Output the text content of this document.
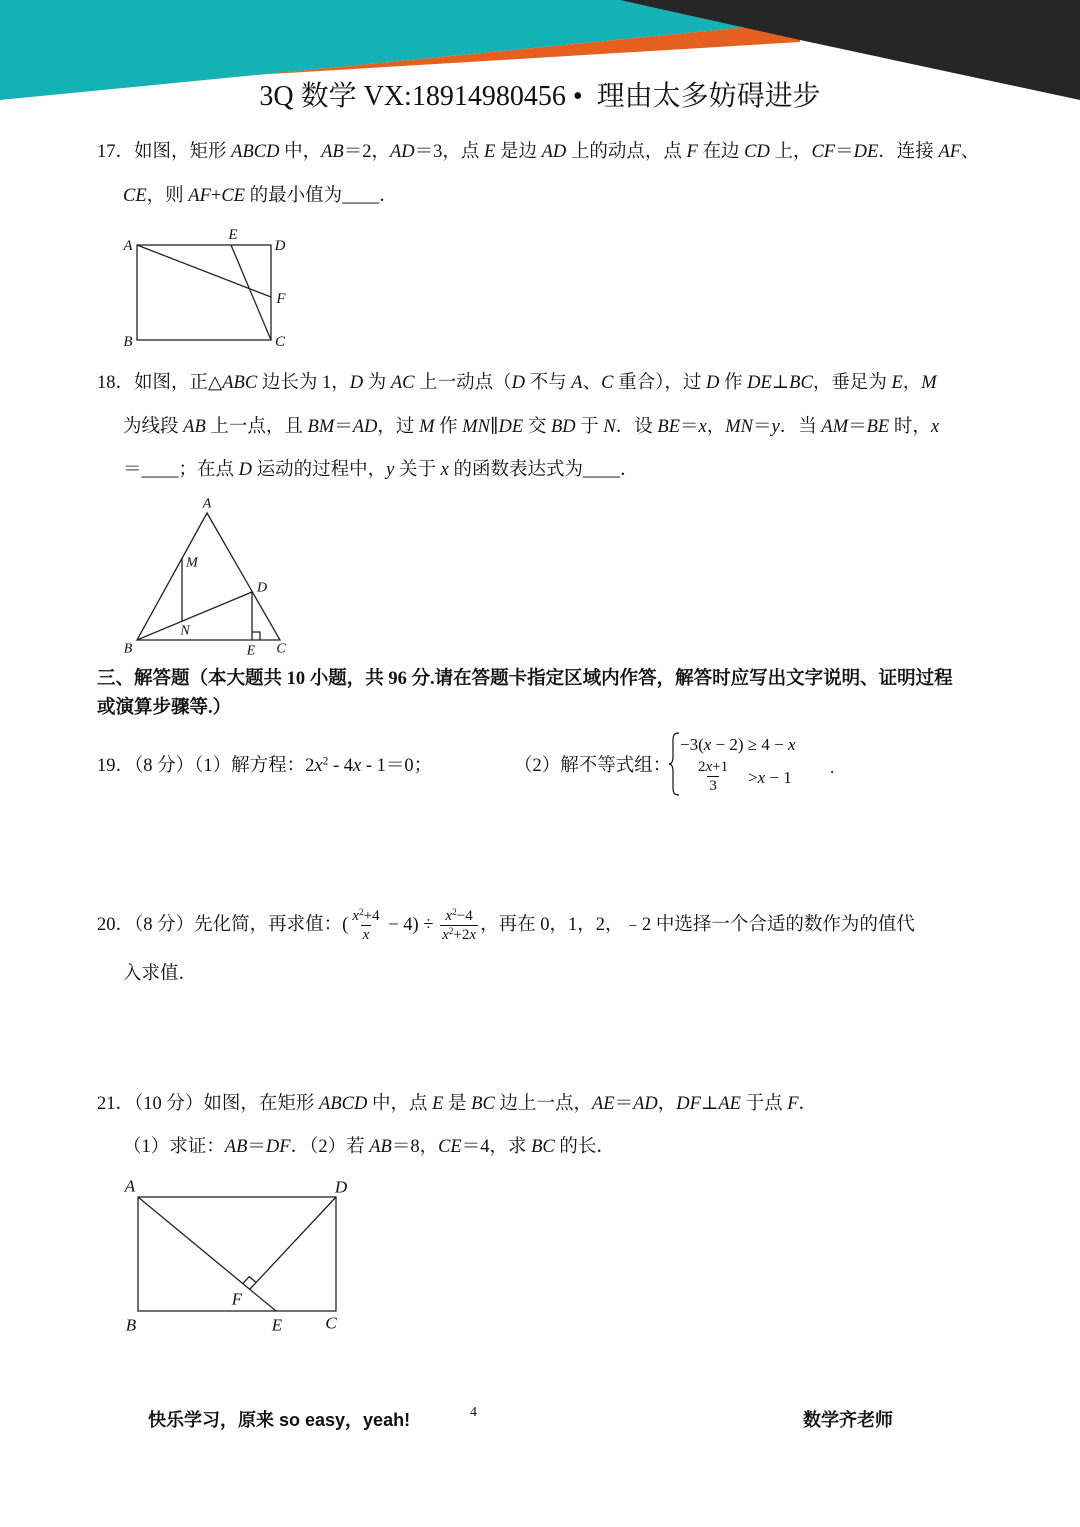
3Q 数学 VX:18914980456 •  理由太多妨碍进步
17．如图，矩形 ABCD 中，AB＝2，AD＝3，点 E 是边 AD 上的动点，点 F 在边 CD 上，CF＝DE．连接 AF、
CE，则 AF+CE 的最小值为____．
A
E
D
F
B	C
18．如图，正△ABC 边长为 1，D 为 AC 上一动点（D 不与 A、C 重合），过 D 作 DE⊥BC，垂足为 E，M
为线段 AB 上一点，且 BM＝AD，过 M 作 MN∥DE 交 BD 于 N．设 BE＝x，MN＝y．当 AM＝BE 时，x
＝____；在点 D 运动的过程中，y 关于 x 的函数表达式为____．
A
M
D
N
B	E C
三、解答题（本大题共 10 小题，共 96 分.请在答题卡指定区域内作答，解答时应写出文字说明、证明过程
或演算步骤等.）
19．（8 分）（1）解方程：$2x^2 - 4x - 1=0$；	（2）解不等式组：
−3(x − 2) ≥ 4 − x
$\frac{2x+1}{3} >x - 1$
.
20．（8 分）先化简，再求值：( $\frac{x^2+4}{x} - 4) \div \frac{x^2-4}{x^2+2x}$ ，再在 0，1，2，﹣2 中选择一个合适的数作为的值代
入求值．
21．（10 分）如图，在矩形 ABCD 中，点 E 是 BC 边上一点，AE＝AD，DF⊥AE 于点 F．
（1）求证：AB＝DF．（2）若 AB＝8，CE＝4，求 BC 的长．
A	D
F
B	E	C
快乐学习，原来 so easy，yeah!	4	数学齐老师
